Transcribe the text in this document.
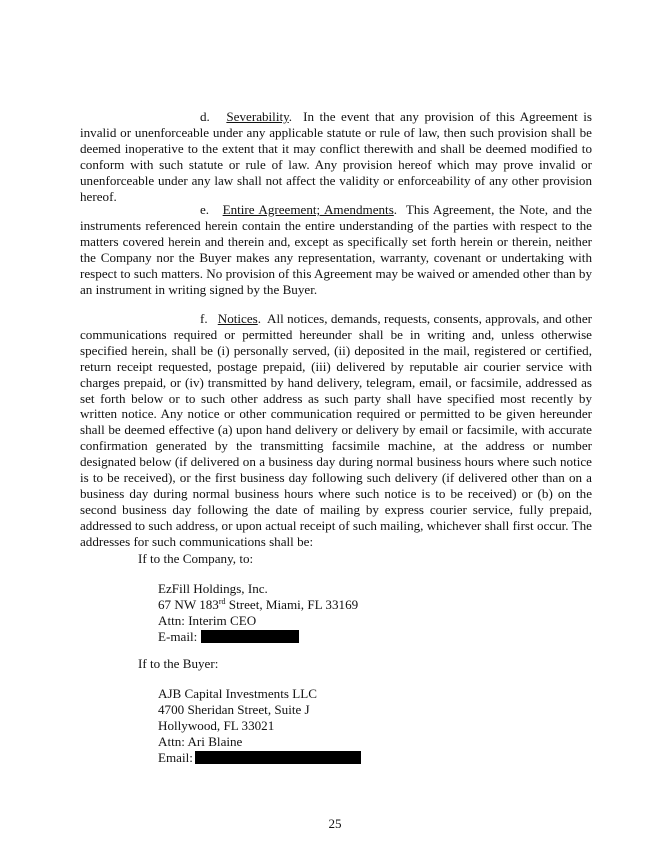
d. Severability.  In the event that any provision of this Agreement is invalid or unenforceable under any applicable statute or rule of law, then such provision shall be deemed inoperative to the extent that it may conflict therewith and shall be deemed modified to conform with such statute or rule of law. Any provision hereof which may prove invalid or unenforceable under any law shall not affect the validity or enforceability of any other provision hereof.

e. Entire Agreement; Amendments.  This Agreement, the Note, and the instruments referenced herein contain the entire understanding of the parties with respect to the matters covered herein and therein and, except as specifically set forth herein or therein, neither the Company nor the Buyer makes any representation, warranty, covenant or undertaking with respect to such matters. No provision of this Agreement may be waived or amended other than by an instrument in writing signed by the Buyer.

f. Notices.  All notices, demands, requests, consents, approvals, and other communications required or permitted hereunder shall be in writing and, unless otherwise specified herein, shall be (i) personally served, (ii) deposited in the mail, registered or certified, return receipt requested, postage prepaid, (iii) delivered by reputable air courier service with charges prepaid, or (iv) transmitted by hand delivery, telegram, email, or facsimile, addressed as set forth below or to such other address as such party shall have specified most recently by written notice. Any notice or other communication required or permitted to be given hereunder shall be deemed effective (a) upon hand delivery or delivery by email or facsimile, with accurate confirmation generated by the transmitting facsimile machine, at the address or number designated below (if delivered on a business day during normal business hours where such notice is to be received), or the first business day following such delivery (if delivered other than on a business day during normal business hours where such notice is to be received) or (b) on the second business day following the date of mailing by express courier service, fully prepaid, addressed to such address, or upon actual receipt of such mailing, whichever shall first occur. The addresses for such communications shall be:

If to the Company, to:

EzFill Holdings, Inc.

67 NW 183rd Street, Miami, FL 33169

Attn: Interim CEO

E-mail:

If to the Buyer:

AJB Capital Investments LLC

4700 Sheridan Street, Suite J

Hollywood, FL 33021

Attn: Ari Blaine

Email:

25
